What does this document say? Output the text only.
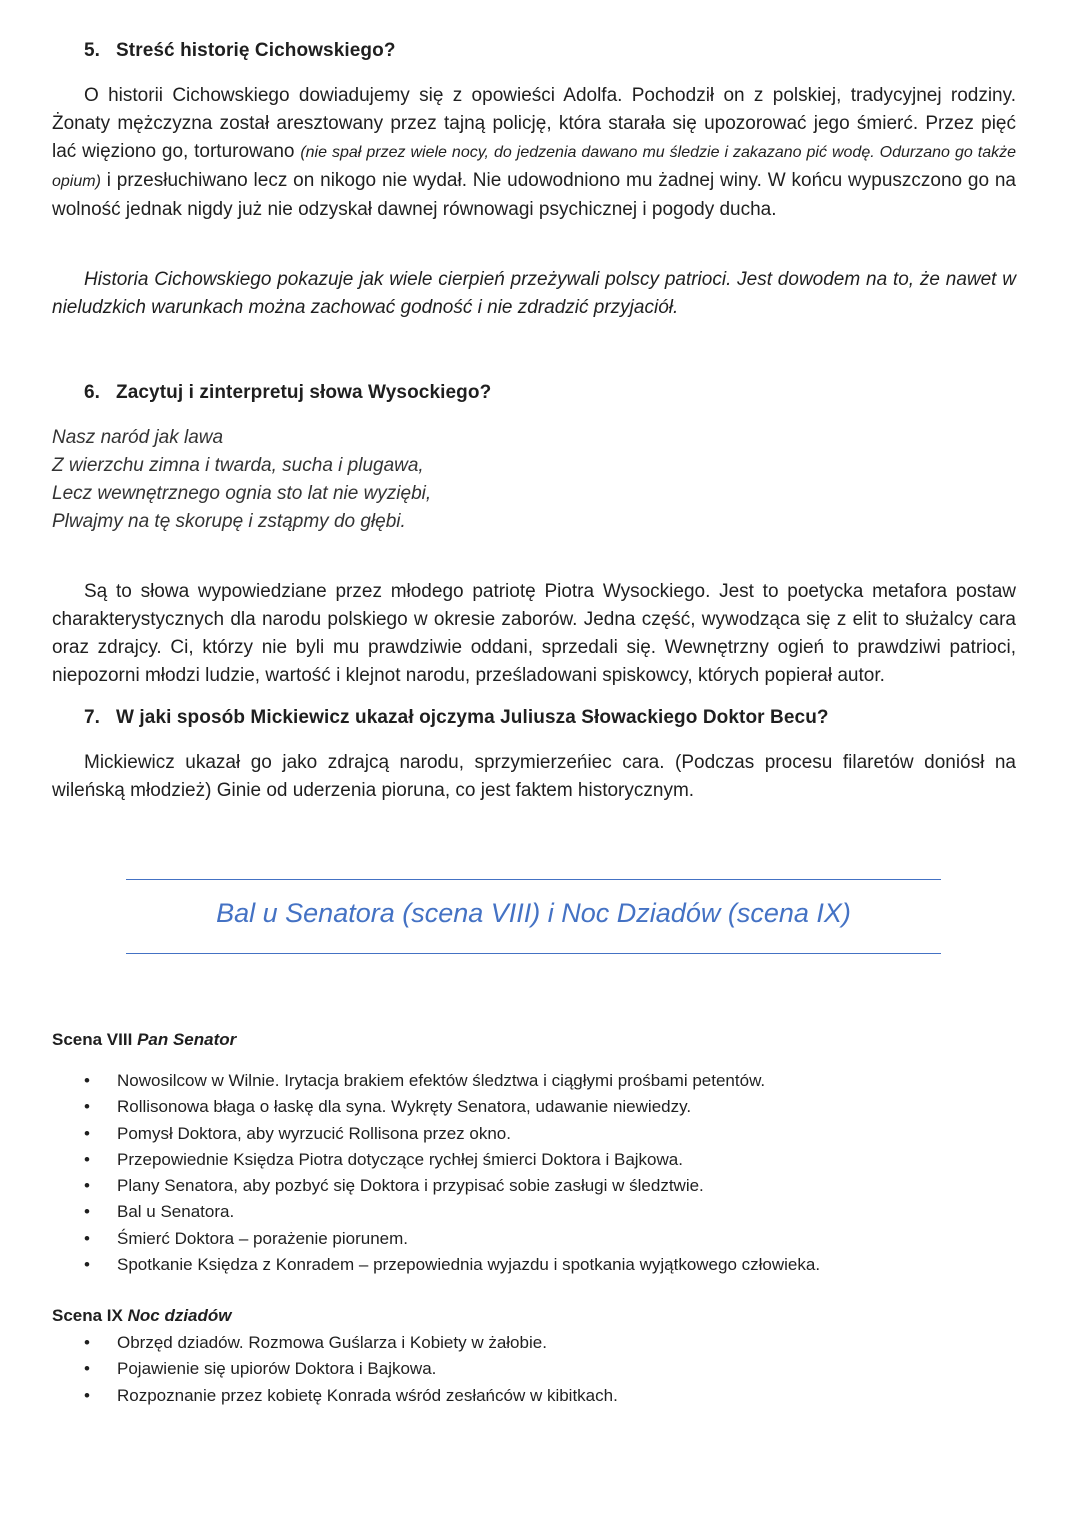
5. Streść historię Cichowskiego?
O historii Cichowskiego dowiadujemy się z opowieści Adolfa. Pochodził on z polskiej, tradycyjnej rodziny. Żonaty mężczyzna został aresztowany przez tajną policję, która starała się upozorować jego śmierć. Przez pięć lać więziono go, torturowano (nie spał przez wiele nocy, do jedzenia dawano mu śledzie i zakazano pić wodę. Odurzano go także opium) i przesłuchiwano lecz on nikogo nie wydał. Nie udowodniono mu żadnej winy. W końcu wypuszczono go na wolność jednak nigdy już nie odzyskał dawnej równowagi psychicznej i pogody ducha.
Historia Cichowskiego pokazuje jak wiele cierpień przeżywali polscy patrioci. Jest dowodem na to, że nawet w nieludzkich warunkach można zachować godność i nie zdradzić przyjaciół.
6. Zacytuj i zinterpretuj słowa Wysockiego?
Nasz naród jak lawa
Z wierzchu zimna i twarda, sucha i plugawa,
Lecz wewnętrznego ognia sto lat nie wyziębi,
Plwajmy na tę skorupę i zstąpmy do głębi.
Są to słowa wypowiedziane przez młodego patriotę Piotra Wysockiego. Jest to poetycka metafora postaw charakterystycznych dla narodu polskiego w okresie zaborów. Jedna część, wywodząca się z elit to służalcy cara oraz zdrajcy. Ci, którzy nie byli mu prawdziwie oddani, sprzedali się. Wewnętrzny ogień to prawdziwi patrioci, niepozorni młodzi ludzie, wartość i klejnot narodu, prześladowani spiskowcy, których popierał autor.
7. W jaki sposób Mickiewicz ukazał ojczyma Juliusza Słowackiego Doktor Becu?
Mickiewicz ukazał go jako zdrajcą narodu, sprzymierzeńiec cara. (Podczas procesu filaretów doniósł na wileńską młodzież) Ginie od uderzenia pioruna, co jest faktem historycznym.
Bal u Senatora (scena VIII) i Noc Dziadów (scena IX)
Scena VIII Pan Senator
• Nowosilcow w Wilnie. Irytacja brakiem efektów śledztwa i ciągłymi prośbami petentów.
• Rollisonowa błaga o łaskę dla syna. Wykręty Senatora, udawanie niewiedzy.
• Pomysł Doktora, aby wyrzucić Rollisona przez okno.
• Przepowiednie Księdza Piotra dotyczące rychłej śmierci Doktora i Bajkowa.
• Plany Senatora, aby pozbyć się Doktora i przypisać sobie zasługi w śledztwie.
• Bal u Senatora.
• Śmierć Doktora – porażenie piorunem.
• Spotkanie Księdza z Konradem – przepowiednia wyjazdu i spotkania wyjątkowego człowieka.
Scena IX Noc dziadów
• Obrzęd dziadów. Rozmowa Guślarza i Kobiety w żałobie.
• Pojawienie się upiorów Doktora i Bajkowa.
• Rozpoznanie przez kobietę Konrada wśród zesłańców w kibitkach.
